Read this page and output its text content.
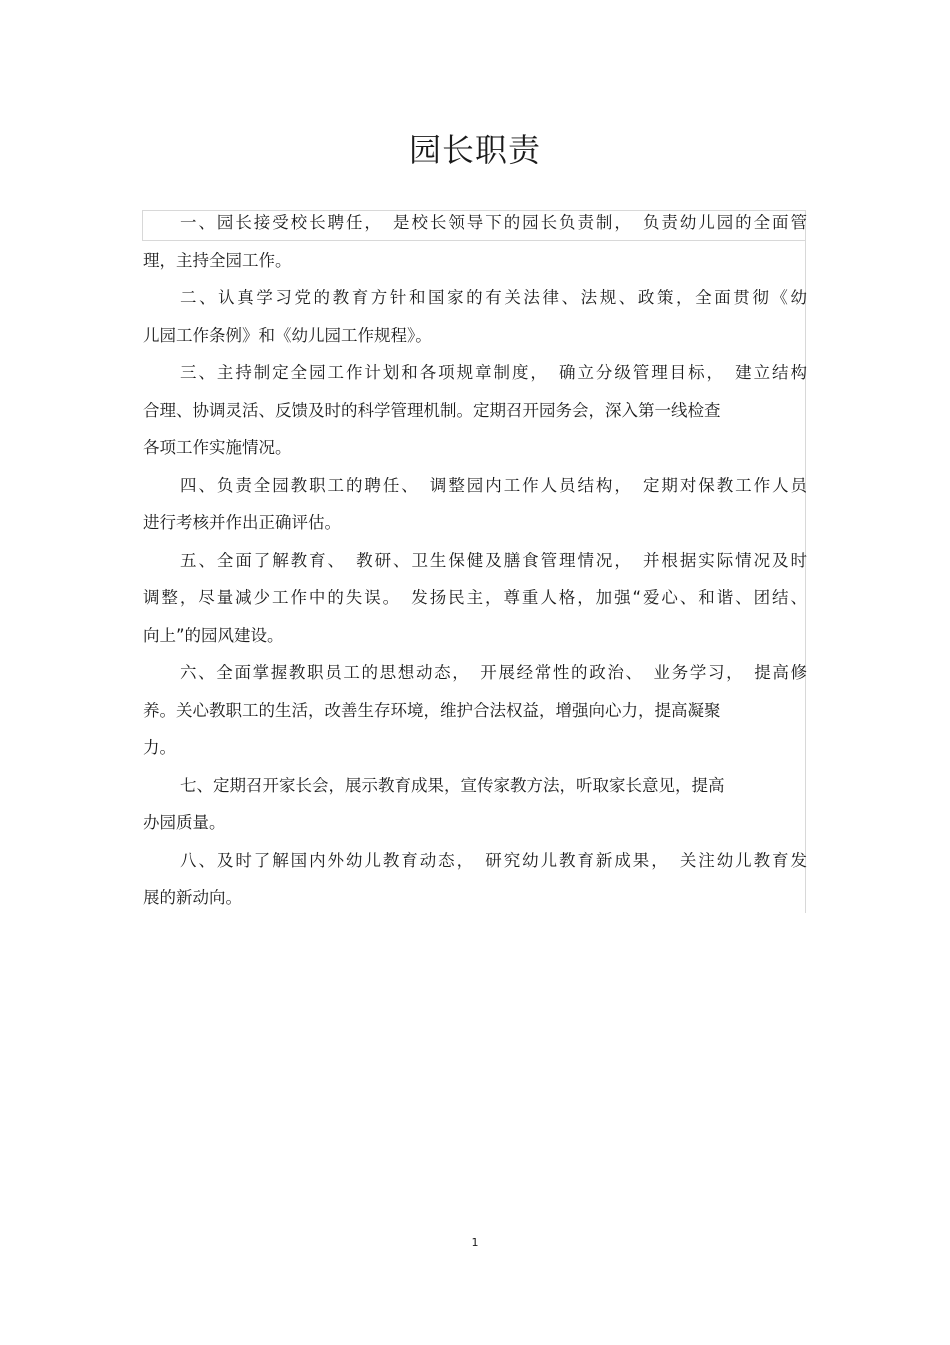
园长职责

一、园长接受校长聘任，　是校长领导下的园长负责制，　负责幼儿园的全面管
理，主持全园工作。

二、认真学习党的教育方针和国家的有关法律、法规、政策，全面贯彻《幼
儿园工作条例》和《幼儿园工作规程》。

三、主持制定全园工作计划和各项规章制度，　确立分级管理目标，　建立结构
合理、协调灵活、反馈及时的科学管理机制。定期召开园务会，深入第一线检查
各项工作实施情况。

四、负责全园教职工的聘任、　调整园内工作人员结构，　定期对保教工作人员
进行考核并作出正确评估。

五、全面了解教育、　教研、卫生保健及膳食管理情况，　并根据实际情况及时
调整，尽量减少工作中的失误。　发扬民主，尊重人格，加强“爱心、和谐、团结、
向上”的园风建设。

六、全面掌握教职员工的思想动态，　开展经常性的政治、　业务学习，　提高修
养。关心教职工的生活，改善生存环境，维护合法权益，增强向心力，提高凝聚
力。

七、定期召开家长会，展示教育成果，宣传家教方法，听取家长意见，提高
办园质量。

八、及时了解国内外幼儿教育动态，　研究幼儿教育新成果，　关注幼儿教育发
展的新动向。

1
